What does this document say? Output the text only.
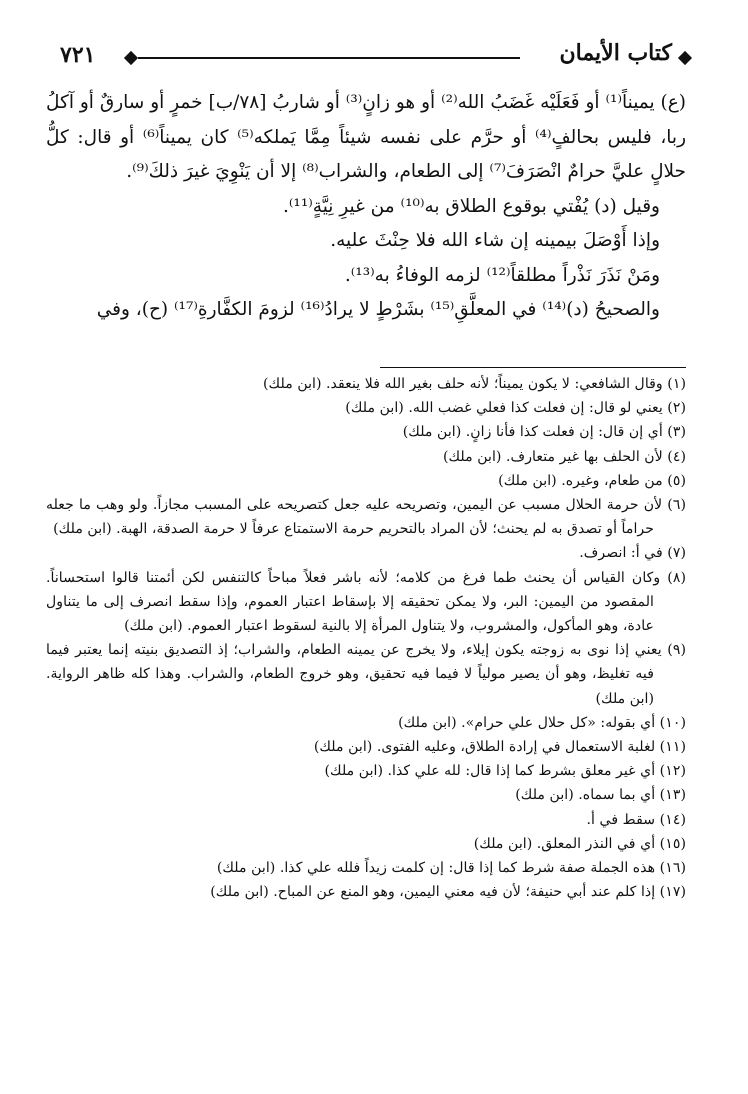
كتاب الأيمان
٧٢١

(ع) يميناً⁽¹⁾ أو فَعَلَيْه غَضَبُ الله⁽²⁾ أو هو زانٍ⁽³⁾ أو شاربُ [٧٨/ب] خمرٍ أو سارقٌ أو آكلُ ربا، فليس بحالفٍ⁽⁴⁾ أو حرَّم على نفسه شيئاً مِمَّا يَملكه⁽⁵⁾ كان يميناً⁽⁶⁾ أو قال: كلُّ حلالٍ عليَّ حرامٌ انْصَرَفَ⁽⁷⁾ إلى الطعام، والشراب⁽⁸⁾ إلا أن يَنْوِيَ غيرَ ذلكَ⁽⁹⁾.

وقيل (د) يُفْتي بوقوع الطلاق به⁽¹⁰⁾ من غيرِ نِيَّةٍ⁽¹¹⁾.

وإذا أَوْصَلَ بيمينه إن شاء الله فلا حِنْثَ عليه.

ومَنْ نَذَرَ نَذْراً مطلقاً⁽¹²⁾ لزمه الوفاءُ به⁽¹³⁾.

والصحيحُ (د)⁽¹⁴⁾ في المعلَّقِ⁽¹⁵⁾ بشَرْطٍ لا يرادُ⁽¹⁶⁾ لزومَ الكفَّارةِ⁽¹⁷⁾ (ح)، وفي

(١) وقال الشافعي: لا يكون يميناً؛ لأنه حلف بغير الله فلا ينعقد. (ابن ملك)

(٢) يعني لو قال: إن فعلت كذا فعلي غضب الله. (ابن ملك)

(٣) أي إن قال: إن فعلت كذا فأنا زانٍ. (ابن ملك)

(٤) لأن الحلف بها غير متعارف. (ابن ملك)

(٥) من طعام، وغيره. (ابن ملك)

(٦) لأن حرمة الحلال مسبب عن اليمين، وتصريحه عليه جعل كتصريحه على المسبب مجازاً. ولو وهب ما جعله حراماً أو تصدق به لم يحنث؛ لأن المراد بالتحريم حرمة الاستمتاع عرفاً لا حرمة الصدقة، الهبة. (ابن ملك)

(٧) في أ: انصرف.

(٨) وكان القياس أن يحنث طما فرغ من كلامه؛ لأنه باشر فعلاً مباحاً كالتنفس لكن أئمتنا قالوا استحساناً. المقصود من اليمين: البر، ولا يمكن تحقيقه إلا بإسقاط اعتبار العموم، وإذا سقط انصرف إلى ما يتناول عادة، وهو المأكول، والمشروب، ولا يتناول المرأة إلا بالنية لسقوط اعتبار العموم. (ابن ملك)

(٩) يعني إذا نوى به زوجته يكون إيلاء، ولا يخرج عن يمينه الطعام، والشراب؛ إذ التصديق بنيته إنما يعتبر فيما فيه تغليظ، وهو أن يصير مولياً لا فيما فيه تحقيق، وهو خروج الطعام، والشراب. وهذا كله ظاهر الرواية. (ابن ملك)

(١٠) أي بقوله: «كل حلال علي حرام». (ابن ملك)

(١١) لغلبة الاستعمال في إرادة الطلاق، وعليه الفتوى. (ابن ملك)

(١٢) أي غير معلق بشرط كما إذا قال: لله علي كذا. (ابن ملك)

(١٣) أي بما سماه. (ابن ملك)

(١٤) سقط في أ.

(١٥) أي في النذر المعلق. (ابن ملك)

(١٦) هذه الجملة صفة شرط كما إذا قال: إن كلمت زيداً فلله علي كذا. (ابن ملك)

(١٧) إذا كلم عند أبي حنيفة؛ لأن فيه معني اليمين، وهو المنع عن المباح. (ابن ملك)
